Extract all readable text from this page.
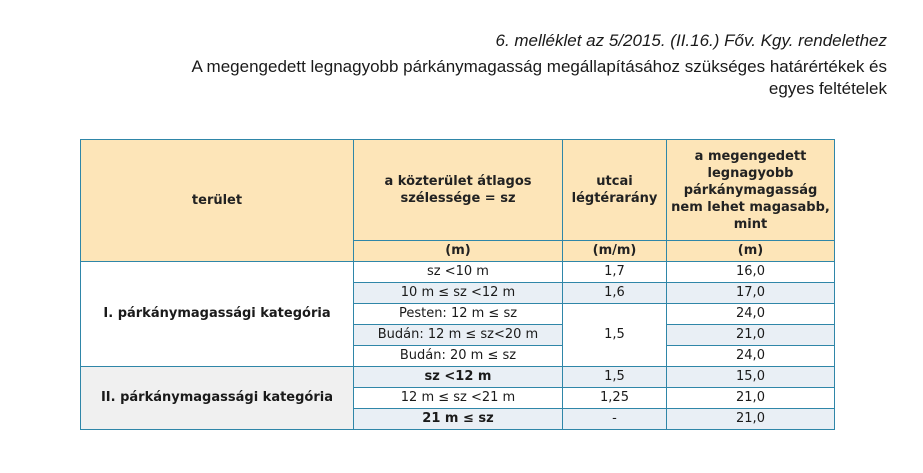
6. melléklet az 5/2015. (II.16.) Főv. Kgy. rendelethez
A megengedett legnagyobb párkánymagasság megállapításához szükséges határértékek és
egyes feltételek
terület	a közterület átlagos szélessége = sz	utcai légtérarány	a megengedett legnagyobb párkánymagasság nem lehet magasabb, mint
	(m)	(m/m)	(m)
I. párkánymagassági kategória	sz <10 m	1,7	16,0
	10 m ≤ sz <12 m	1,6	17,0
	Pesten: 12 m ≤ sz	1,5	24,0
	Budán: 12 m ≤ sz<20 m		21,0
	Budán: 20 m ≤ sz		24,0
II. párkánymagassági kategória	sz <12 m	1,5	15,0
	12 m ≤ sz <21 m	1,25	21,0
	21 m ≤ sz	-	21,0
